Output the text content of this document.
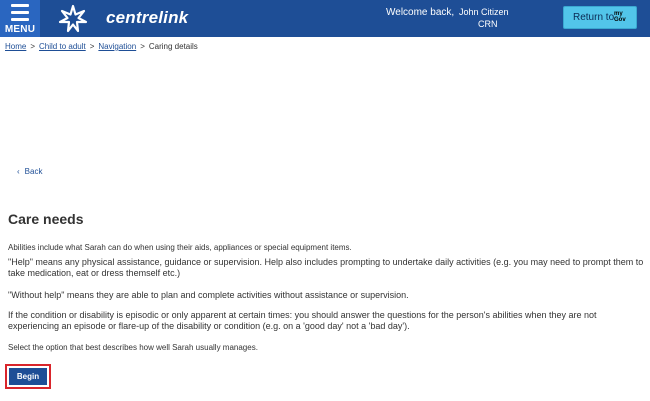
MENU
centrelink	Welcome back, John Citizen
CRN
Return to my
Gov
Home > Child to adult > Navigation > Caring details
‹ Back
Care needs

Abilities include what Sarah can do when using their aids, appliances or special equipment items.

"Help" means any physical assistance, guidance or supervision. Help also includes prompting to undertake daily activities (e.g. you may need to prompt them to take medication, eat or dress themself etc.)

"Without help" means they are able to plan and complete activities without assistance or supervision.

If the condition or disability is episodic or only apparent at certain times: you should answer the questions for the person's abilities when they are not experiencing an episode or flare-up of the disability or condition (e.g. on a 'good day' not a 'bad day').

Select the option that best describes how well Sarah usually manages.

Begin
